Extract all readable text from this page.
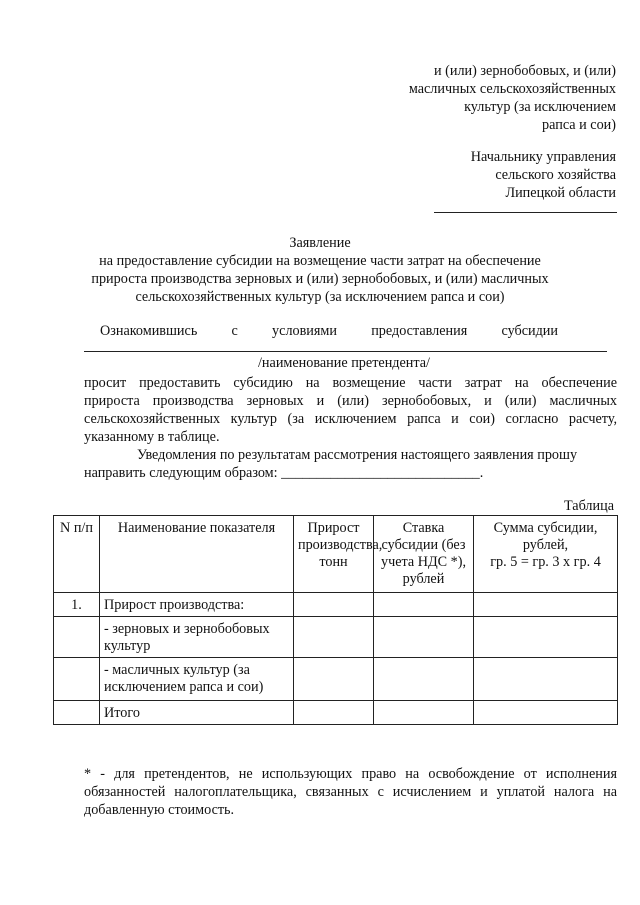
и (или) зернобобовых, и (или)
масличных сельскохозяйственных
культур (за исключением
рапса и сои)
Начальнику управления
сельского хозяйства
Липецкой области
Заявление
на предоставление субсидии на возмещение части затрат на обеспечение
прироста производства зерновых и (или) зернобобовых, и (или) масличных
сельскохозяйственных культур (за исключением рапса и сои)
Ознакомившись с условиями предоставления субсидии
/наименование претендента/
просит предоставить субсидию на возмещение части затрат на обеспечение
прироста производства зерновых и (или) зернобобовых, и (или) масличных
сельскохозяйственных культур (за исключением рапса и сои) согласно расчету,
указанному в таблице.
Уведомления по результатам рассмотрения настоящего заявления прошу
направить следующим образом: ____________________________.
Таблица
N п/п	Наименование показателя	Прирост производства, тонн	Ставка субсидии (без учета НДС *), рублей	Сумма субсидии,
рублей,
гр. 5 = гр. 3 x гр. 4

1.	Прирост производства:			
	- зерновых и зернобобовых культур			
	- масличных культур (за исключением рапса и сои)			
	Итого			
* - для претендентов, не использующих право на освобождение от исполнения
обязанностей налогоплательщика, связанных с исчислением и уплатой налога на
добавленную стоимость.
